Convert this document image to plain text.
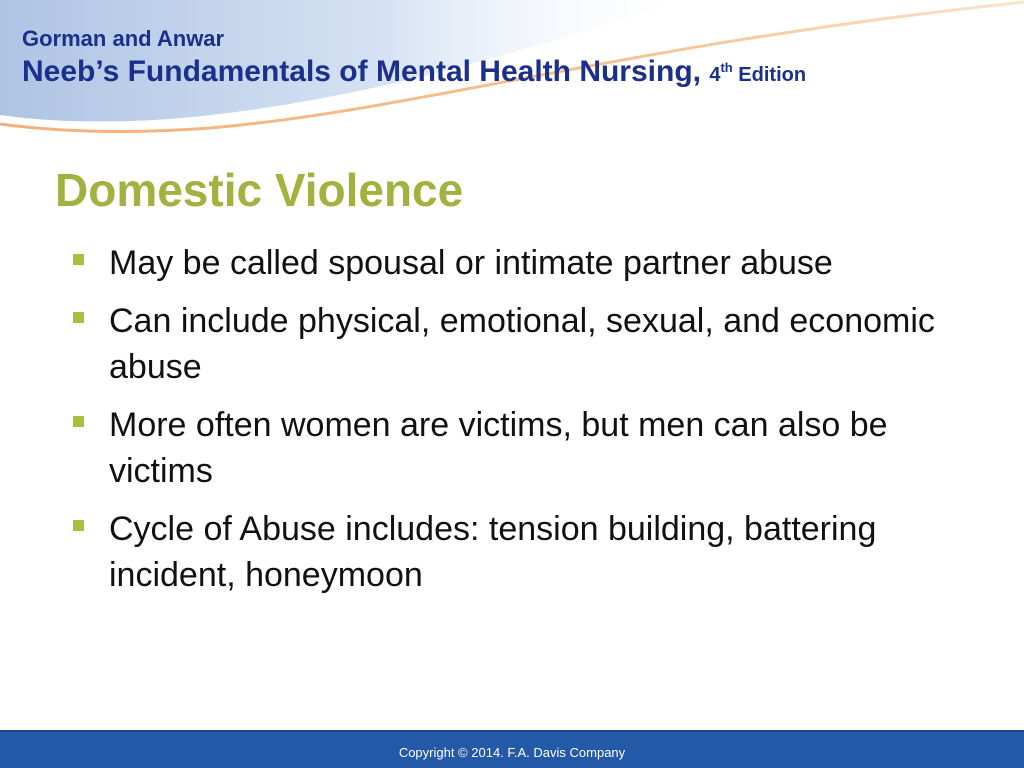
Gorman and Anwar
Neeb’s Fundamentals of Mental Health Nursing, 4th Edition
Domestic Violence
May be called spousal or intimate partner abuse
Can include physical, emotional, sexual, and economic abuse
More often women are victims, but men can also be victims
Cycle of Abuse includes: tension building, battering incident, honeymoon
Copyright © 2014. F.A. Davis Company
